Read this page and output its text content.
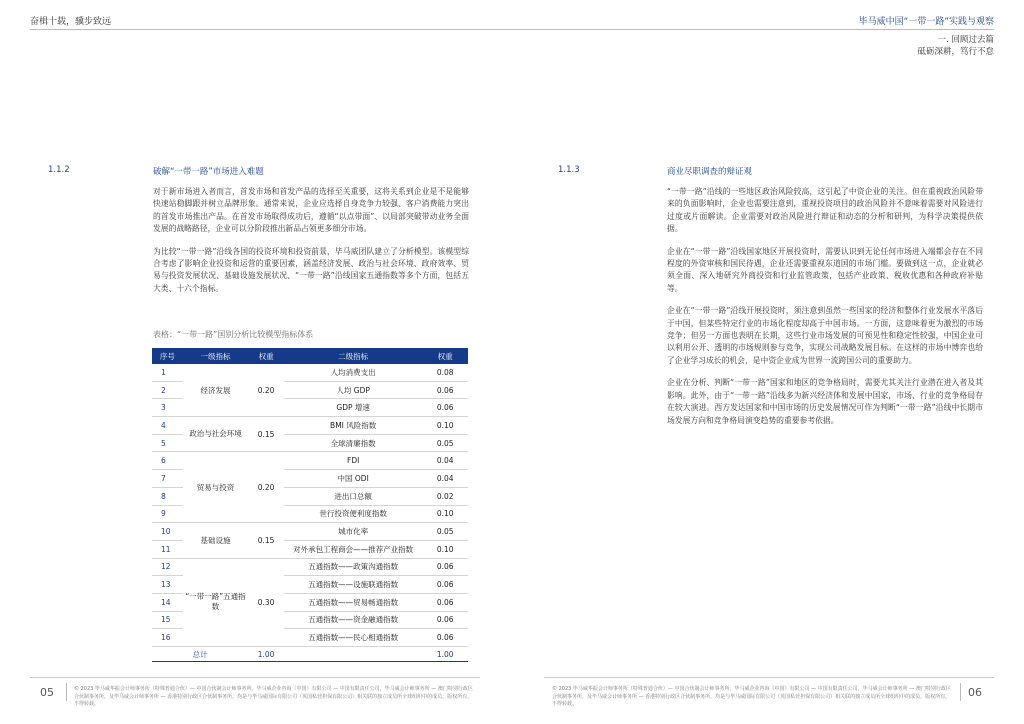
奋楫十载，骥步致远	毕马威中国“一带一路”实践与观察
一. 回顾过去篇
砥砺深耕，笃行不怠
1.1.2	破解“一带一路”市场进入难题

对于新市场进入者而言，首发市场和首发产品的选择至关重要，这将关系到企业是不是能够快速站稳脚跟并树立品牌形象。通常来说，企业应选择自身竞争力较强、客户消费能力突出的首发市场推出产品。在首发市场取得成功后，遵循“以点带面”、以局部突破带动业务全面发展的战略路径，企业可以分阶段推出新品占领更多细分市场。

为比较“一带一路”沿线各国的投资环境和投资前景，毕马威团队建立了分析模型。该模型综合考虑了影响企业投资和运营的重要因素，涵盖经济发展、政治与社会环境、政府效率、贸易与投资发展状况、基础设施发展状况、“一带一路”沿线国家五通指数等多个方面，包括五大类、十六个指标。

表格：“一带一路”国别分析比较模型指标体系
序号	一级指标	权重	二级指标	权重
1	经济发展	0.20	人均消费支出	0.08
2			人均 GDP	0.06
3			GDP 增速	0.06
4	政治与社会环境	0.15	BMI 风险指数	0.10
5			全球清廉指数	0.05
6	贸易与投资	0.20	FDI	0.04
7			中国 ODI	0.04
8			进出口总额	0.02
9			世行投资便利度指数	0.10
10	基础设施	0.15	城市化率	0.05
11			对外承包工程商会——推荐产业指数	0.10
12	“一带一路”五通指数	0.30	五通指数——政策沟通指数	0.06
13			五通指数——设施联通指数	0.06
14			五通指数——贸易畅通指数	0.06
15			五通指数——资金融通指数	0.06
16			五通指数——民心相通指数	0.06
总计		1.00		1.00
1.1.3	商业尽职调查的辩证观

“一带一路”沿线的一些地区政治风险较高，这引起了中资企业的关注。但在重视政治风险带来的负面影响时，企业也需要注意到，重视投资项目的政治风险并不意味着需要对风险进行过度或片面解读。企业需要对政治风险进行辩证和动态的分析和研判，为科学决策提供依据。

企业在“一带一路”沿线国家地区开展投资时，需要认识到无论任何市场进入端都会存在不同程度的外资审核和国民待遇，企业还需要重视东道国的市场门槛。要做到这一点，企业就必须全面、深入地研究外商投资和行业监管政策，包括产业政策、税收优惠和各种政府补贴等。

企业在“一带一路”沿线开展投资时，须注意到虽然一些国家的经济和整体行业发展水平落后于中国，但某些特定行业的市场化程度却高于中国市场。一方面，这意味着更为激烈的市场竞争；但另一方面也表明在长期，这些行业市场发展的可预见性和稳定性较强，中国企业可以利用公开、透明的市场规则参与竞争，实现公司战略发展目标。在这样的市场中博弈也给了企业学习成长的机会，是中资企业成为世界一流跨国公司的重要助力。

企业在分析、判断“一带一路”国家和地区的竞争格局时，需要尤其关注行业潜在进入者及其影响。此外，由于“一带一路”沿线多为新兴经济体和发展中国家，市场、行业的竞争格局存在较大演进。西方发达国家和中国市场的历史发展情况可作为判断“一带一路”沿线中长期市场发展方向和竞争格局演变趋势的重要参考依据。

05	© 2023 毕马威华振会计师事务所（特殊普通合伙）— 中国合伙制会计师事务所，毕马威企业咨询（中国）有限公司 — 中国有限责任公司，毕马威会计师事务所 — 澳门特别行政区合伙制事务所，及毕马威会计师事务所 — 香港特别行政区合伙制事务所，均是与毕马威国际有限公司（英国私营担保有限公司）相关联的独立成员所全球组织中的成员。版权所有，不得转载。
© 2023 毕马威华振会计师事务所（特殊普通合伙）— 中国合伙制会计师事务所，毕马威企业咨询（中国）有限公司 — 中国有限责任公司，毕马威会计师事务所 — 澳门特别行政区合伙制事务所，及毕马威会计师事务所 — 香港特别行政区合伙制事务所，均是与毕马威国际有限公司（英国私营担保有限公司）相关联的独立成员所全球组织中的成员。版权所有，不得转载。
06
